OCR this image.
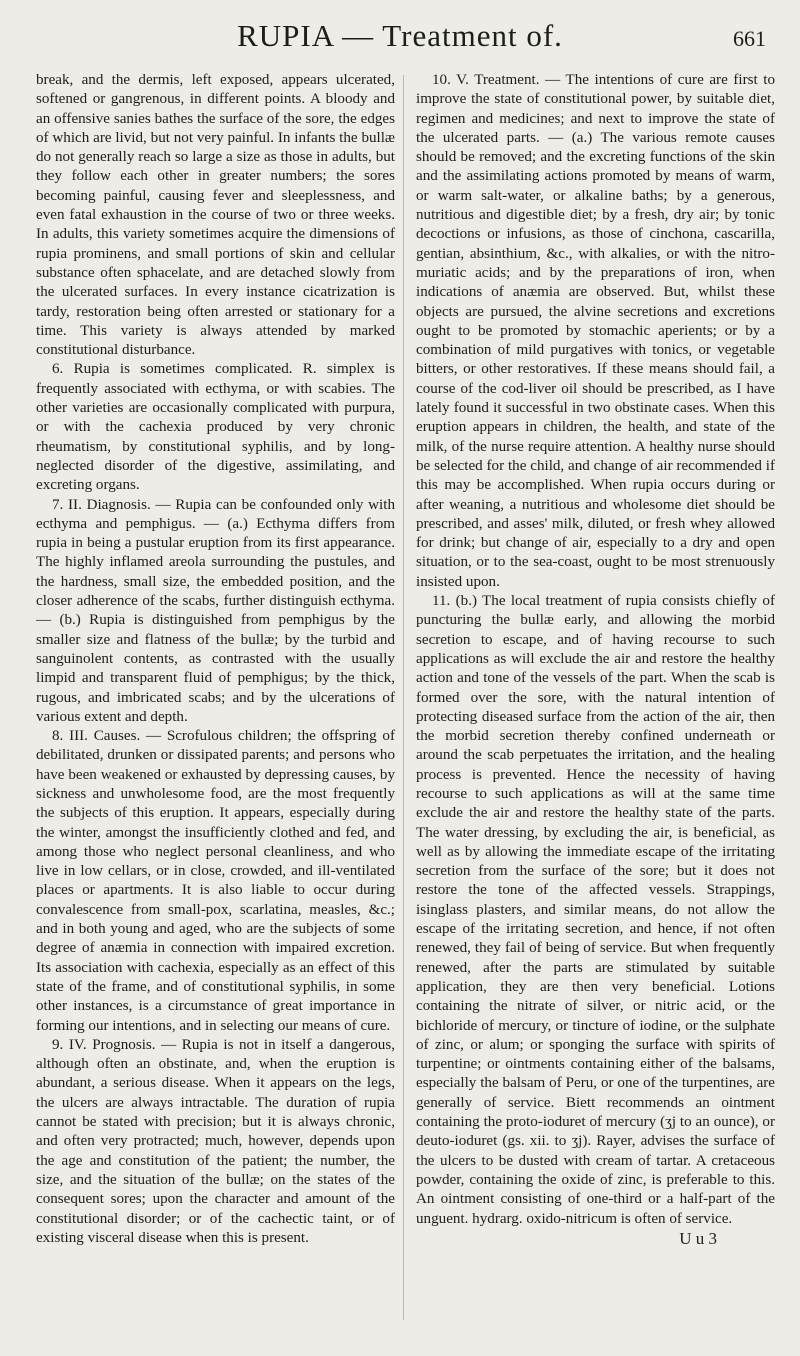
RUPIA — Treatment of.	661

break, and the dermis, left exposed, appears ulcerated, softened or gangrenous, in different points. A bloody and an offensive sanies bathes the surface of the sore, the edges of which are livid, but not very painful. In infants the bullæ do not generally reach so large a size as those in adults, but they follow each other in greater numbers; the sores becoming painful, causing fever and sleeplessness, and even fatal exhaustion in the course of two or three weeks. In adults, this variety sometimes acquire the dimensions of rupia prominens, and small portions of skin and cellular substance often sphacelate, and are detached slowly from the ulcerated surfaces. In every instance cicatrization is tardy, restoration being often arrested or stationary for a time. This variety is always attended by marked constitutional disturbance.

6. Rupia is sometimes complicated. R. simplex is frequently associated with ecthyma, or with scabies. The other varieties are occasionally complicated with purpura, or with the cachexia produced by very chronic rheumatism, by constitutional syphilis, and by long-neglected disorder of the digestive, assimilating, and excreting organs.

7. II. Diagnosis. — Rupia can be confounded only with ecthyma and pemphigus. — (a.) Ecthyma differs from rupia in being a pustular eruption from its first appearance. The highly inflamed areola surrounding the pustules, and the hardness, small size, the embedded position, and the closer adherence of the scabs, further distinguish ecthyma. — (b.) Rupia is distinguished from pemphigus by the smaller size and flatness of the bullæ; by the turbid and sanguinolent contents, as contrasted with the usually limpid and transparent fluid of pemphigus; by the thick, rugous, and imbricated scabs; and by the ulcerations of various extent and depth.

8. III. Causes. — Scrofulous children; the offspring of debilitated, drunken or dissipated parents; and persons who have been weakened or exhausted by depressing causes, by sickness and unwholesome food, are the most frequently the subjects of this eruption. It appears, especially during the winter, amongst the insufficiently clothed and fed, and among those who neglect personal cleanliness, and who live in low cellars, or in close, crowded, and ill-ventilated places or apartments. It is also liable to occur during convalescence from small-pox, scarlatina, measles, &c.; and in both young and aged, who are the subjects of some degree of anæmia in connection with impaired excretion. Its association with cachexia, especially as an effect of this state of the frame, and of constitutional syphilis, in some other instances, is a circumstance of great importance in forming our intentions, and in selecting our means of cure.

9. IV. Prognosis. — Rupia is not in itself a dangerous, although often an obstinate, and, when the eruption is abundant, a serious disease. When it appears on the legs, the ulcers are always intractable. The duration of rupia cannot be stated with precision; but it is always chronic, and often very protracted; much, however, depends upon the age and constitution of the patient; the number, the size, and the situation of the bullæ; on the states of the consequent sores; upon the character and amount of the constitutional disorder; or of the cachectic taint, or of existing visceral disease when this is present.

10. V. Treatment. — The intentions of cure are first to improve the state of constitutional power, by suitable diet, regimen and medicines; and next to improve the state of the ulcerated parts. — (a.) The various remote causes should be removed; and the excreting functions of the skin and the assimilating actions promoted by means of warm, or warm salt-water, or alkaline baths; by a generous, nutritious and digestible diet; by a fresh, dry air; by tonic decoctions or infusions, as those of cinchona, cascarilla, gentian, absinthium, &c., with alkalies, or with the nitro-muriatic acids; and by the preparations of iron, when indications of anæmia are observed. But, whilst these objects are pursued, the alvine secretions and excretions ought to be promoted by stomachic aperients; or by a combination of mild purgatives with tonics, or vegetable bitters, or other restoratives. If these means should fail, a course of the cod-liver oil should be prescribed, as I have lately found it successful in two obstinate cases. When this eruption appears in children, the health, and state of the milk, of the nurse require attention. A healthy nurse should be selected for the child, and change of air recommended if this may be accomplished. When rupia occurs during or after weaning, a nutritious and wholesome diet should be prescribed, and asses' milk, diluted, or fresh whey allowed for drink; but change of air, especially to a dry and open situation, or to the sea-coast, ought to be most strenuously insisted upon.

11. (b.) The local treatment of rupia consists chiefly of puncturing the bullæ early, and allowing the morbid secretion to escape, and of having recourse to such applications as will exclude the air and restore the healthy action and tone of the vessels of the part. When the scab is formed over the sore, with the natural intention of protecting diseased surface from the action of the air, then the morbid secretion thereby confined underneath or around the scab perpetuates the irritation, and the healing process is prevented. Hence the necessity of having recourse to such applications as will at the same time exclude the air and restore the healthy state of the parts. The water dressing, by excluding the air, is beneficial, as well as by allowing the immediate escape of the irritating secretion from the surface of the sore; but it does not restore the tone of the affected vessels. Strappings, isinglass plasters, and similar means, do not allow the escape of the irritating secretion, and hence, if not often renewed, they fail of being of service. But when frequently renewed, after the parts are stimulated by suitable application, they are then very beneficial. Lotions containing the nitrate of silver, or nitric acid, or the bichloride of mercury, or tincture of iodine, or the sulphate of zinc, or alum; or sponging the surface with spirits of turpentine; or ointments containing either of the balsams, especially the balsam of Peru, or one of the turpentines, are generally of service. Biett recommends an ointment containing the proto-ioduret of mercury (ʒj to an ounce), or deuto-ioduret (gs. xii. to ʒj). Rayer, advises the surface of the ulcers to be dusted with cream of tartar. A cretaceous powder, containing the oxide of zinc, is preferable to this. An ointment consisting of one-third or a half-part of the unguent. hydrarg. oxido-nitricum is often of service.

U u 3
